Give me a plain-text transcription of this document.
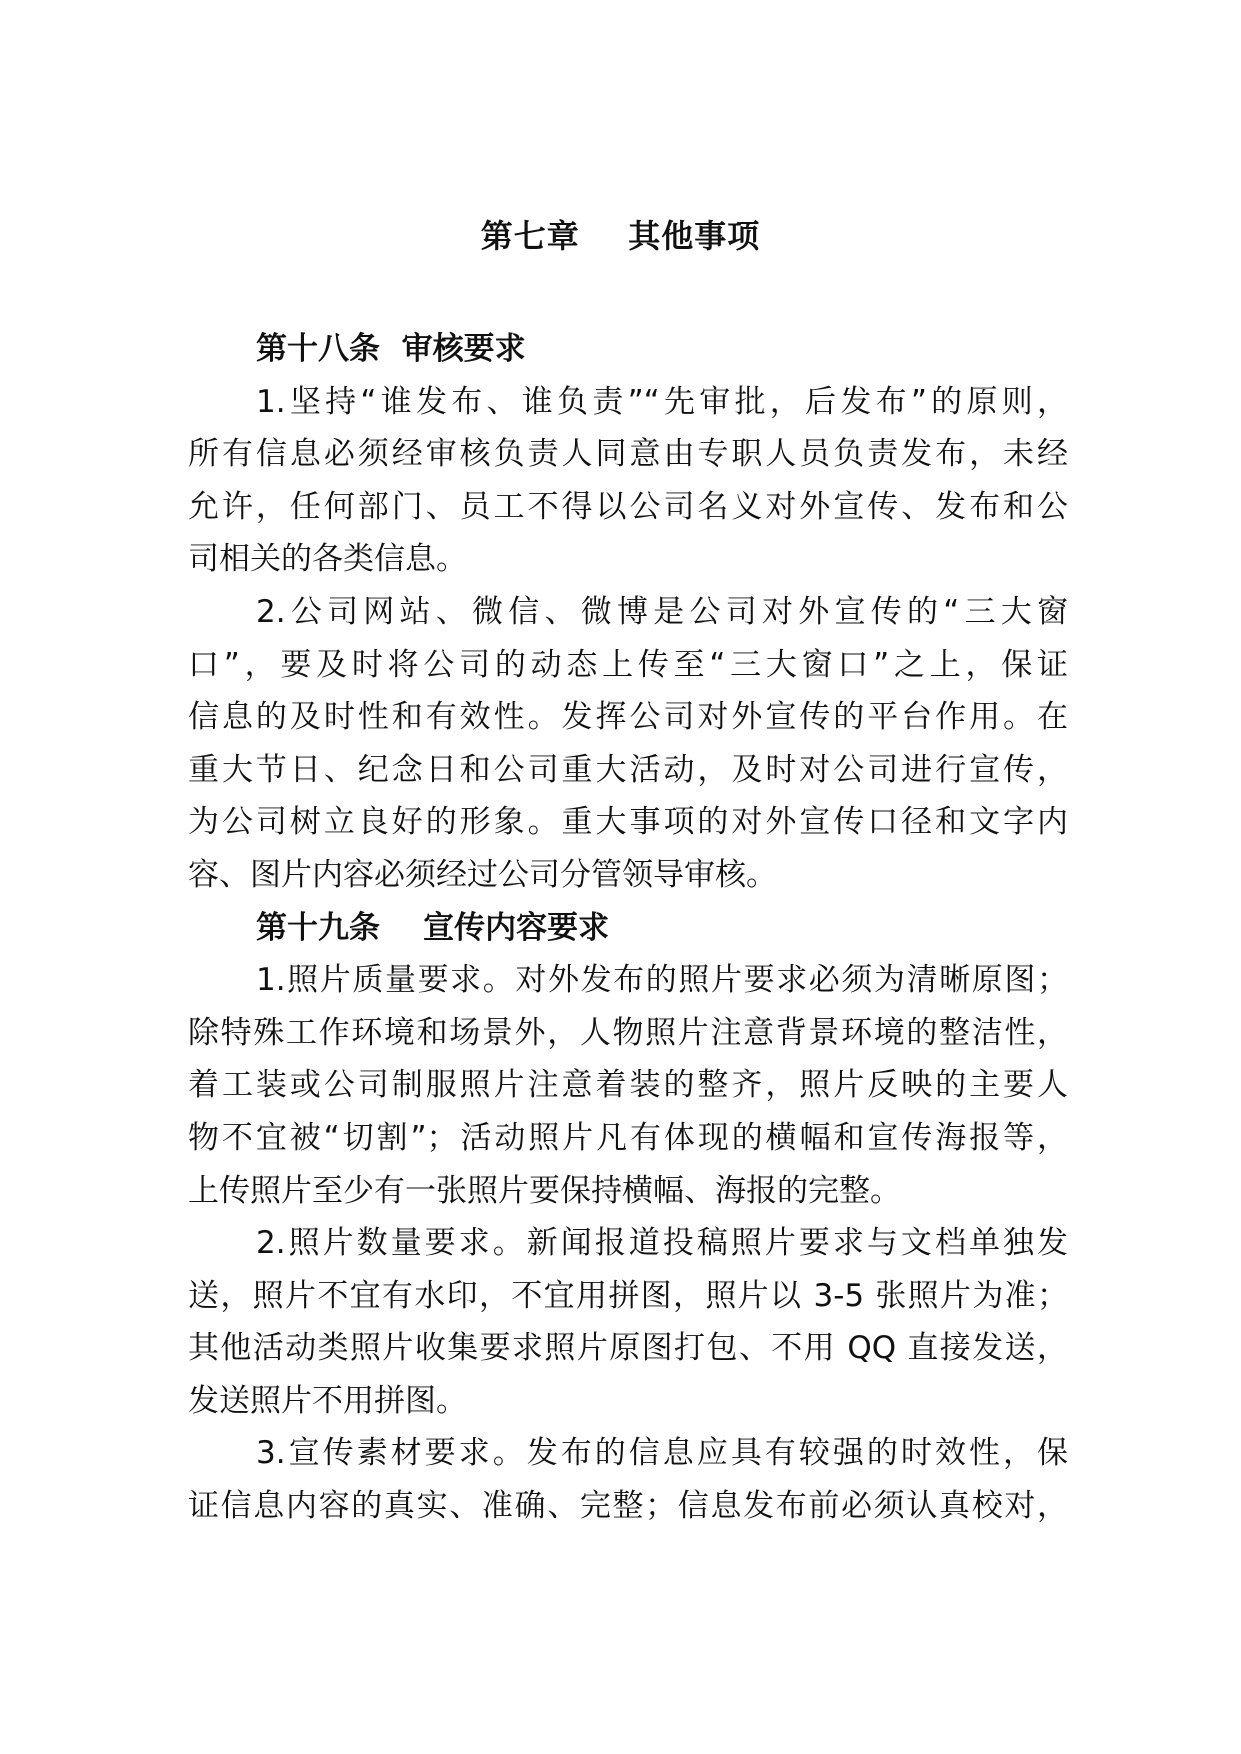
第七章    其他事项
第十八条  审核要求
1.坚持“谁发布、谁负责”“先审批，后发布”的原则，
所有信息必须经审核负责人同意由专职人员负责发布，未经
允许，任何部门、员工不得以公司名义对外宣传、发布和公
司相关的各类信息。
2.公司网站、微信、微博是公司对外宣传的“三大窗
口”，要及时将公司的动态上传至“三大窗口”之上，保证
信息的及时性和有效性。发挥公司对外宣传的平台作用。在
重大节日、纪念日和公司重大活动，及时对公司进行宣传，
为公司树立良好的形象。重大事项的对外宣传口径和文字内
容、图片内容必须经过公司分管领导审核。
第十九条    宣传内容要求
1.照片质量要求。对外发布的照片要求必须为清晰原图；
除特殊工作环境和场景外，人物照片注意背景环境的整洁性，
着工装或公司制服照片注意着装的整齐，照片反映的主要人
物不宜被“切割”；活动照片凡有体现的横幅和宣传海报等，
上传照片至少有一张照片要保持横幅、海报的完整。
2.照片数量要求。新闻报道投稿照片要求与文档单独发
送，照片不宜有水印，不宜用拼图，照片以 3-5 张照片为准；
其他活动类照片收集要求照片原图打包、不用 QQ 直接发送，
发送照片不用拼图。
3.宣传素材要求。发布的信息应具有较强的时效性，保
证信息内容的真实、准确、完整；信息发布前必须认真校对，
